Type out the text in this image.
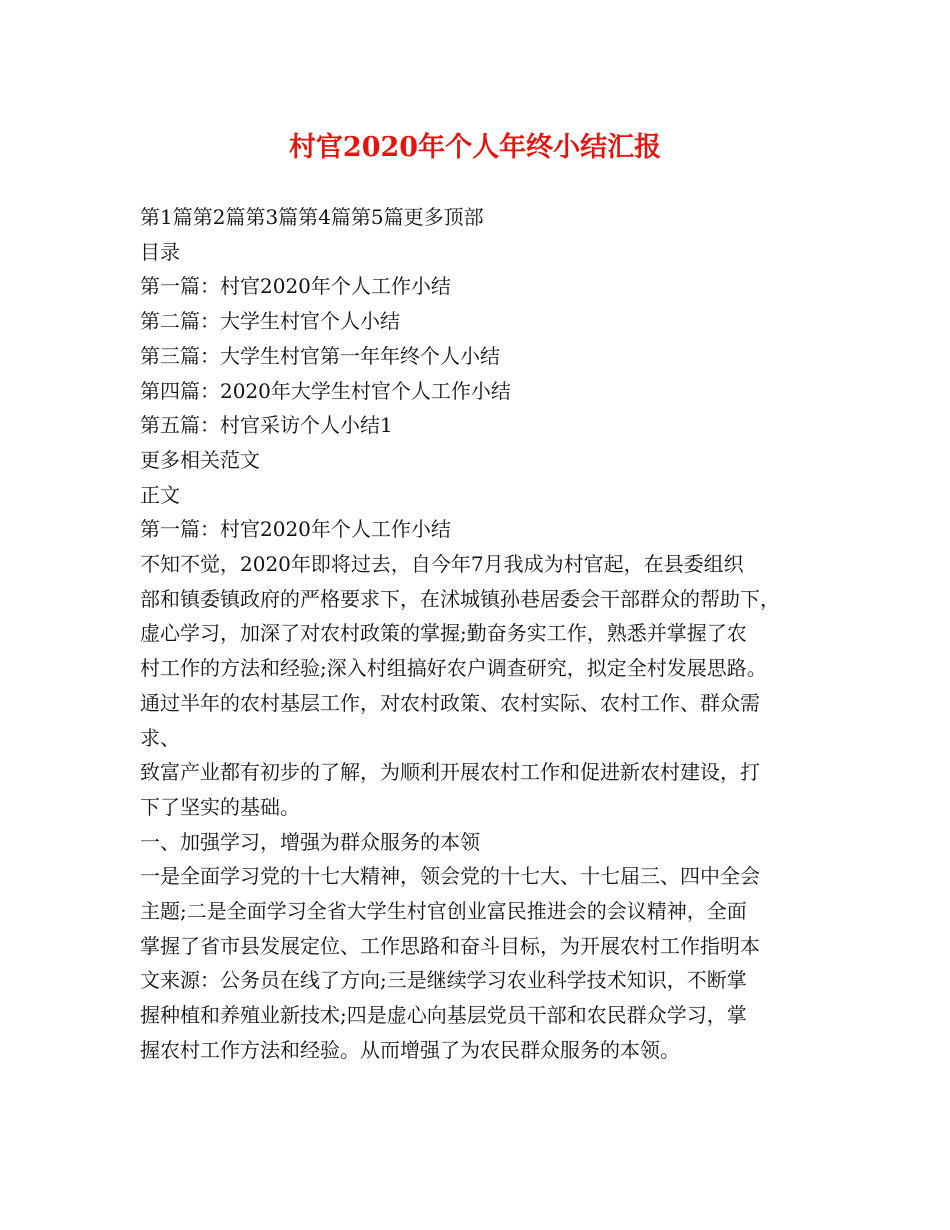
村官2020年个人年终小结汇报
第1篇第2篇第3篇第4篇第5篇更多顶部
目录
第一篇：村官2020年个人工作小结
第二篇：大学生村官个人小结
第三篇：大学生村官第一年年终个人小结
第四篇：2020年大学生村官个人工作小结
第五篇：村官采访个人小结1
更多相关范文
正文
第一篇：村官2020年个人工作小结
不知不觉，2020年即将过去，自今年7月我成为村官起，在县委组织
部和镇委镇政府的严格要求下，在沭城镇孙巷居委会干部群众的帮助下，
虚心学习，加深了对农村政策的掌握;勤奋务实工作，熟悉并掌握了农
村工作的方法和经验;深入村组搞好农户调查研究，拟定全村发展思路。
通过半年的农村基层工作，对农村政策、农村实际、农村工作、群众需
求、
致富产业都有初步的了解，为顺利开展农村工作和促进新农村建设，打
下了坚实的基础。
一、加强学习，增强为群众服务的本领
一是全面学习党的十七大精神，领会党的十七大、十七届三、四中全会
主题;二是全面学习全省大学生村官创业富民推进会的会议精神，全面
掌握了省市县发展定位、工作思路和奋斗目标，为开展农村工作指明本
文来源：公务员在线了方向;三是继续学习农业科学技术知识，不断掌
握种植和养殖业新技术;四是虚心向基层党员干部和农民群众学习，掌
握农村工作方法和经验。从而增强了为农民群众服务的本领。
